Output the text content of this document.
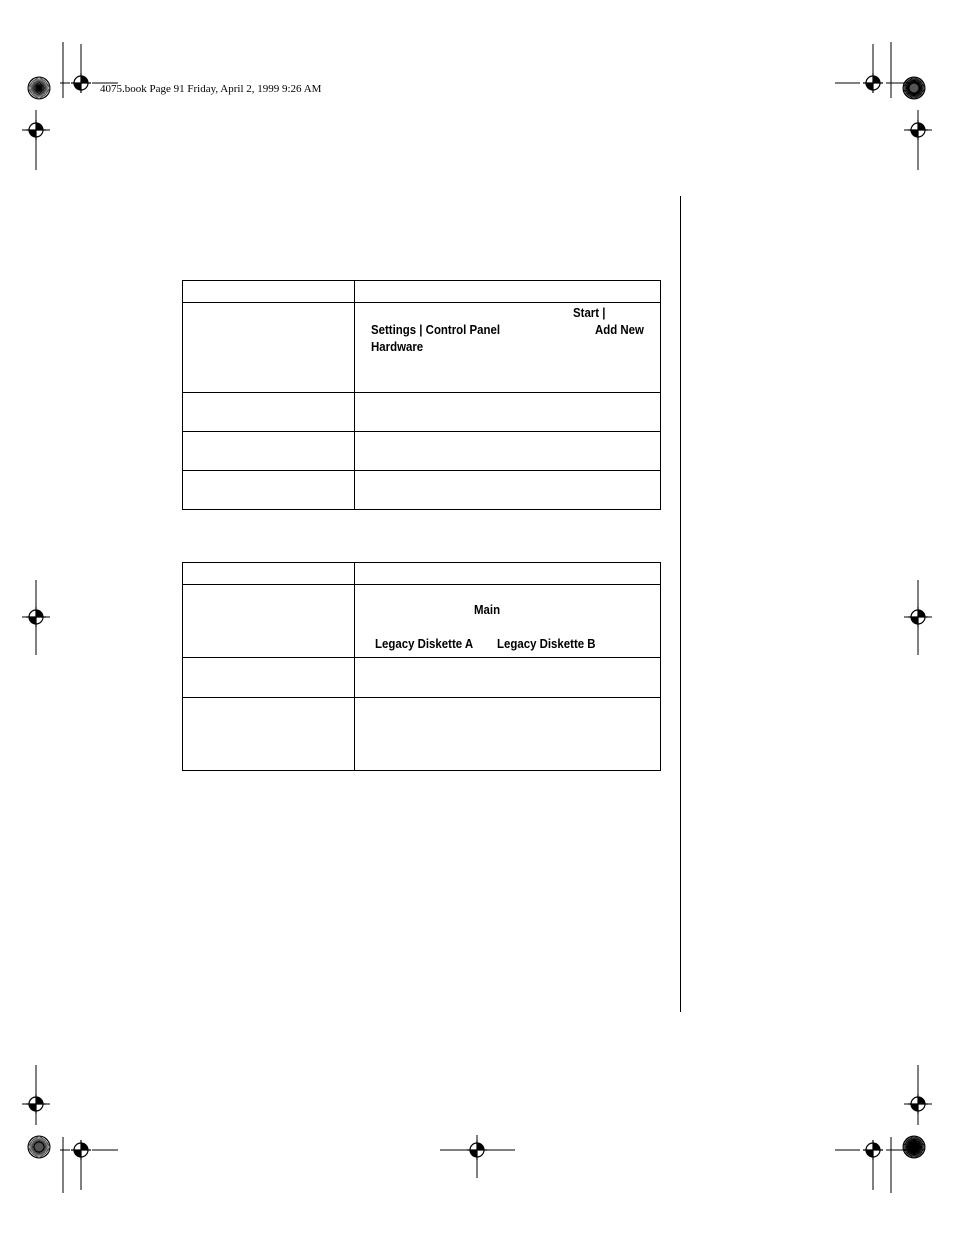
4075.book Page 91 Friday, April 2, 1999 9:26 AM

	Start |
Settings | Control Panel Add New
Hardware

	Main
Legacy Diskette A Legacy Diskette B
